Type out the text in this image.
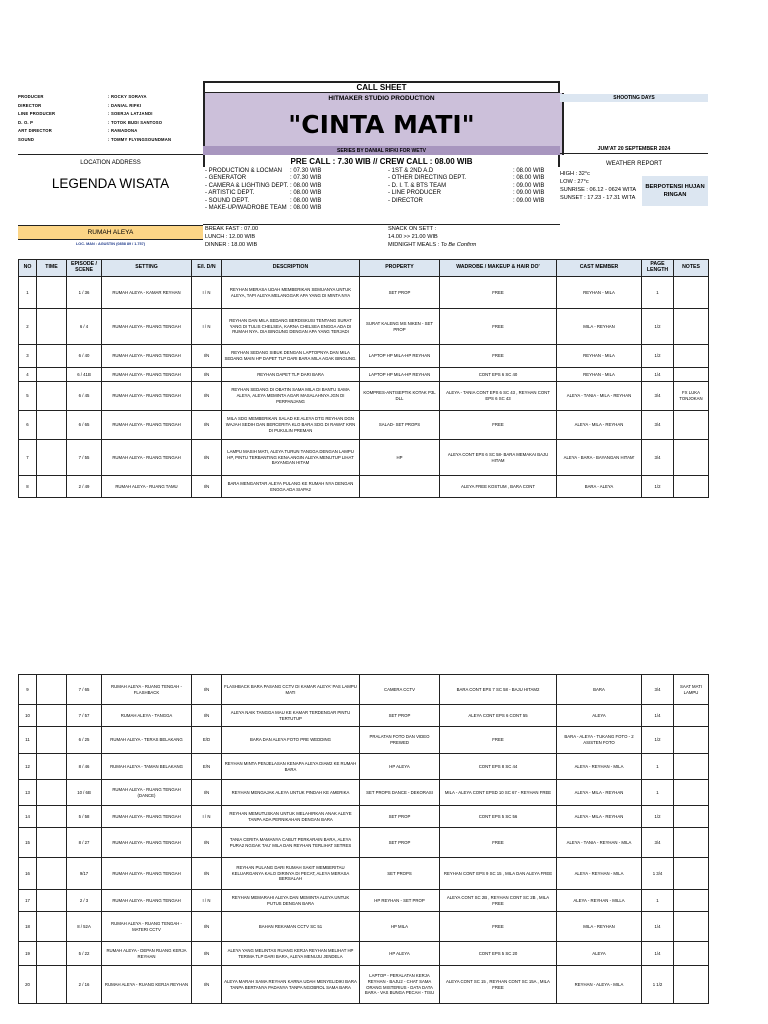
CALL SHEET
HITMAKER STUDIO PRODUCTION
"CINTA MATI"
SERIES BY DANIAL RIFKI FOR WETV
PRE CALL : 7.30 WIB // CREW CALL : 08.00 WIB
PRODUCER	: ROCKY SORAYA
DIRECTOR	: DANIAL RIFKI
LINE PRODUCER	: SOERJA LATJANDI
D. O. P	: TOTOK BUDI SANTOSO
ART DIRECTOR	: RAMADONA
SOUND	: TOMMY FLYINGSOUNDMAN
SHOOTING DAYS
JUM'AT 20 SEPTEMBER 2024
WEATHER REPORT
HIGH : 32°c
LOW : 27°c
SUNRISE : 06.12 - 0624 WITA
SUNSET : 17.23 - 17.31 WITA
BERPOTENSI HUJAN RINGAN
LOCATION ADDRESS
LEGENDA WISATA
RUMAH ALEYA
LOC. MAN : AGUSTIN (0858 89 / 1.757)
- PRODUCTION & LOCMAN : 07.30 WIB
- GENERATOR	: 07.30 WIB
- CAMERA & LIGHTING DEPT. : 08.00 WIB
- ARTISTIC DEPT.	: 08.00 WIB
- SOUND DEPT.	: 08.00 WIB
- MAKE-UP/WADROBE TEAM : 08.00 WIB
- 1ST & 2ND A.D	: 08.00 WIB
- OTHER DIRECTING DEPT.	: 08.00 WIB
- D. I. T. & BTS TEAM	: 09.00 WIB
- LINE PRODUCER	: 09.00 WIB
- DIRECTOR	: 09.00 WIB
BREAK FAST : 07.00
LUNCH : 12.00 WIB
DINNER : 18.00 WIB
SNACK ON SETT :
14.00 >> 21.00 WIB
MIDNIGHT MEALS : To Be Confirm
NO	TIME	EPISODE / SCENE	SETTING	E/I. D/N	DESCRIPTION	PROPERTY	WADROBE / MAKEUP & HAIR DO'	CAST MEMBER	PAGE LENGTH	NOTES
1		1 / 36	RUMAH ALEYA - KAMAR REYHAN	I / N	REYHAN MERASA UDAH MEMBERIKAN SEMUANYA UNTUK ALEYA, TAPI ALEYA MELANGGAR APA YANG DI MINTA NYA	SET PROP	FREE	REYHAN - MILA	1	
2		6 / 4	RUMAH ALEYA - RUANG TENGAH	I / N	REYHAN DAN MILA SEDANG BERDISKUSI TENTANG SURAT YANG DI TULIS CHELSEA, KARNA CHELSEA ENGGA ADA DI RUMAH NYA. DIA BINGUNG DENGAN APA YANG TERJADI	SURAT KALENG MS NIKEN - SET PROP	FREE	MILA - REYHAN	1/2	
3		6 / 40	RUMAH ALEYA - RUANG TENGAH	I/N	REYHAN SEDANG SIBUK DENGAN LAPTOPNYA DAN MILA SEDANG MAIN HP DAPET TLP DARI BARA MILA AGAK BINGUNG.	LAPTOP HP MILA-HP REYHAN	FREE	REYHAN - MILA	1/2	
4		6 / 41B	RUMAH ALEYA - RUANG TENGAH	I/N	REYHAN DAPET TLP DARI BARA	LAPTOP HP MILA-HP REYHAN	CONT EPS 6 SC 40	REYHAN - MILA	1/4	
5		6 / 45	RUMAH ALEYA - RUANG TENGAH	I/N	REYHAN SEDANG DI OBATIN SAMA MILA DI BANTU SAMA ALEYA, ALEYA MEMINTA AGAR MASALAHNYA JGN DI PERPANJANG	KOMPRES-ANTISEPTIK KOTAK P3L DLL	ALEYA - TANIA CONT EPS 6 SC 43 , REYHAN CONT EPS 6 SC 43	ALEYA - TANIA - MILA - REYHAN	3/4	FX LUKA TONJOKAN
6		6 / 65	RUMAH ALEYA - RUANG TENGAH	I/N	MILA SDG MEMBERIKAN SALAD KE ALEYA DTG REYHAN DGN WAJAH SEDIH DAN BERCERITA KLO BARA SDG DI RAWAT KRN DI PUKULIN PREMAN	SALAD- SET PROPS	FREE	ALEYA - MILA - REYHAN	3/4	
7		7 / 55	RUMAH ALEYA - RUANG TENGAH	I/N	LAMPU MASIH MATI, ALEYA TURUN TANGGA DENGAN LAMPU HP, PINTU TERBANTING KENA ANGIN ALEYA MENUTUP LIHAT BAYANGAN HITAM	HP	ALEYA CONT EPS 6 SC 58- BARA MEMAKAI BAJU HITAM	ALEYA - BARA - BAYANGAN HITAM'	3/4	
8		2 / 49	RUMAH ALEYA - RUANG TAMU	I/N	BARA MENGANTAR ALEYA PULANG KE RUMAH NYA DENGAN ENGGA ADA SIAPA2		ALEYA FREE KOSTUM , BARA CONT	BARA - ALEYA	1/2	
9		7 / 65	RUMAH ALEYA - RUANG TENGAH - FLASHBACK	I/N	FLASHBACK BARA PASANG CCTV DI KAMAR ALEYA' PAS LAMPU MATI	CAMERA CCTV	BARA CONT EPS 7 SC 58 - BAJU HITAM2	BARA	3/4	SAAT MATI LAMPU
10		7 / 57	RUMAH ALEYA - TANGGA	I/N	ALEYA NAIK TANGGA MAU KE KAMAR TERDENGAR PINTU TERTUTUP	SET PROP	ALEYA CONT EPS 6 CONT 55	ALEYA	1/4	
11		6 / 25	RUMAH ALEYA - TERAS BELAKANG	E/D	BARA DAN ALEYA FOTO PRE WEDDING	PRALATAN FOTO DAN VIDEO PREWED	FREE	BARA - ALEYA - TUKANG FOTO - 2 ASISTEN FOTO	1/2	
12		8 / 46	RUMAH ALEYA - TAMAN BELAKANG	E/N	REYHAN MINTA PENJELASAN KENAPA ALEYA DIAM2 KE RUMAH BARA	HP ALEYA	CONT EPS 8 SC 44	ALEYA - REYHAN - MILA	1	
13		10 / 6B	RUMAH ALEYA - RUANG TENGAH (DANCE)	I/N	REYHAN MENGAJAK ALEYA UNTUK PINDAH KE AMERIKA	SET PROPS DANCE - DEKORASI	MILA - ALEYA CONT EPSD 10 SC 67 - REYHAN FREE	ALEYA - MILA - REYHAN	1	
14		5 / 58	RUMAH ALEYA - RUANG TENGAH	I / N	REYHAN MEMUTUSKAN UNTUK MELAHIRKAN ANAK ALEYE TANPA ADA PERNIKAHAN DENGAN BARA	SET PROP	CONT EPS 5 SC 56	ALEYA - MILA - REYHAN	1/2	
15		8 / 27	RUMAH ALEYA - RUANG TENGAH	I/N	TANIA CERITA MAMANYA CABUT PERKARAIN BARA, ALEYA PURA2 NGGAK TAU' MILA DAN REYHAN TERLIHAT SETRES	SET PROP	FREE	ALEYA - TANIA - REYHAN - MILA	3/4	
16		9/17	RUMAH ALEYA - RUANG TENGAH	I/N	REYHAN PULANG DARI RUMAH SAKIT MEMBERITAU KELUARGANYA KALO DIRINYA DI PECAT, ALEYA MERASA BERSALAH	SET PROPS	REYHAN CONT EPS 9 SC 15 , MILA DAN ALEYA FREE	ALEYA - REYHAN - MILA	1 3/4	
17		2 / 3	RUMAH ALEYA - RUANG TENGAH	I / N	REYHAN MEMARAHI ALEYA DAN MEMINTA ALEYA UNTUK PUTUS DENGAN BARA	HP REYHAN - SET PROP	ALEYA CONT SC 2B , REYHAN CONT SC 2B , MILA FREE	ALEYA - REYHAN - MILLA	1	
18		8 / 52A	RUMAH ALEYA - RUANG TENGAH - MATERI CCTV	I/N	BAHAN REKAMAN CCTV SC 51	HP MILA	FREE	MILA - REYHAN	1/4	
19		5 / 22	RUMAH ALEYA - DEPAN RUANG KERJA REYHAN	I/N	ALEYA YANG MELINTAS RUANG KERJA REYHAN MELIHAT HP TERIMA TLP DARI BARA, ALEYA MENUJU JENDELA	HP ALEYA	CONT EPS 5 SC 20	ALEYA	1/4	
20		2 / 16	RUMAH ALEYA - RUANG KERJA REYHAN	I/N	ALEYA MARAH SAMA REYHAN KARNA UDAH MENYELIDIKI BARA TANPA BERTANYA PADANYA TANPA NGOBROL SAMA BARA	LAPTOP - PERALATAN KERJA REYHAN - BAJU2 - CHAT SAMA ORANG MISTERIUS - DATA DATA BARA - VAS BUNGA PECAH - TISU	ALEYA CONT SC 15 , REYHAN CONT SC 15A , MILA FREE	REYHAN - ALEYA - MILA	1 1/2	
